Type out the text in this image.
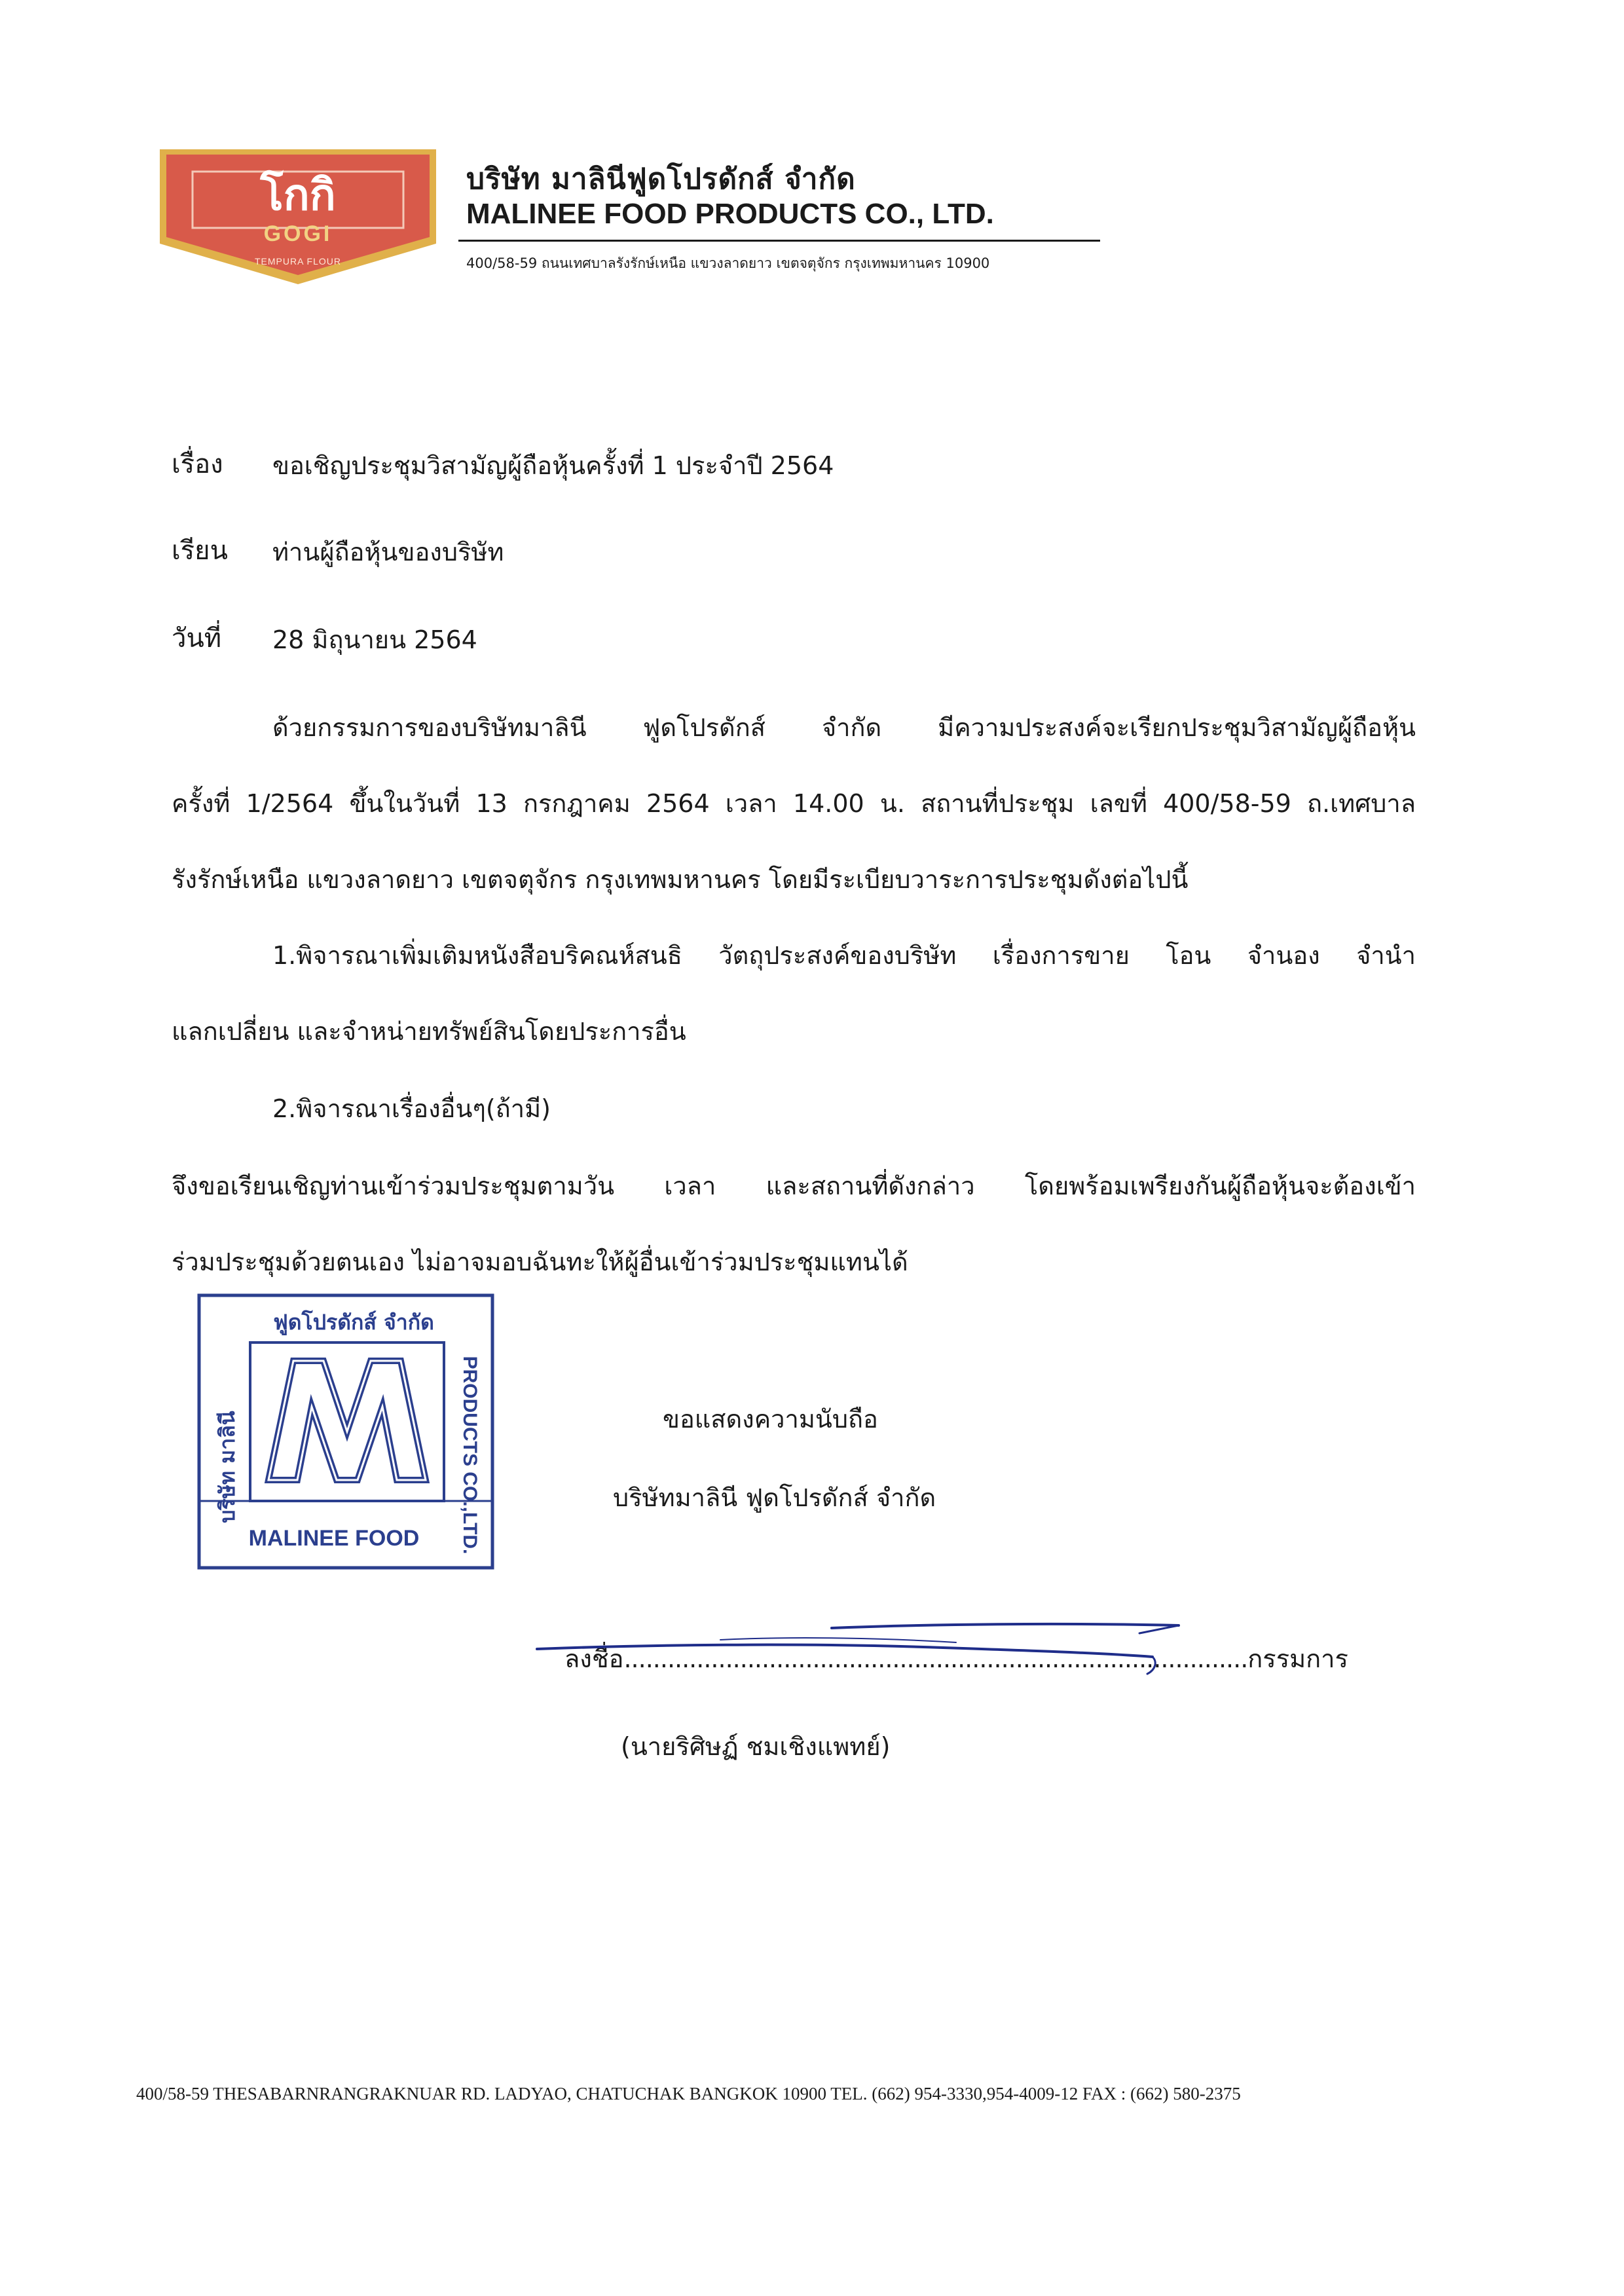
โกกิ
GOGI
TEMPURA FLOUR
บริษัท มาลินีฟูดโปรดักส์ จำกัด
MALINEE FOOD PRODUCTS CO., LTD.
400/58-59 ถนนเทศบาลรังรักษ์เหนือ แขวงลาดยาว เขตจตุจักร กรุงเทพมหานคร 10900
เรื่อง ขอเชิญประชุมวิสามัญผู้ถือหุ้นครั้งที่ 1 ประจำปี 2564
เรียน ท่านผู้ถือหุ้นของบริษัท
วันที่ 28 มิถุนายน 2564
ด้วยกรรมการของบริษัทมาลินี ฟูดโปรดักส์ จำกัด มีความประสงค์จะเรียกประชุมวิสามัญผู้ถือหุ้น
ครั้งที่ 1/2564 ขึ้นในวันที่ 13 กรกฎาคม 2564 เวลา 14.00 น. สถานที่ประชุม เลขที่ 400/58-59 ถ.เทศบาล
รังรักษ์เหนือ แขวงลาดยาว เขตจตุจักร กรุงเทพมหานคร โดยมีระเบียบวาระการประชุมดังต่อไปนี้
1.พิจารณาเพิ่มเติมหนังสือบริคณห์สนธิ วัตถุประสงค์ของบริษัท เรื่องการขาย โอน จำนอง จำนำ
แลกเปลี่ยน และจำหน่ายทรัพย์สินโดยประการอื่น
2.พิจารณาเรื่องอื่นๆ(ถ้ามี)
จึงขอเรียนเชิญท่านเข้าร่วมประชุมตามวัน เวลา และสถานที่ดังกล่าว โดยพร้อมเพรียงกันผู้ถือหุ้นจะต้องเข้า
ร่วมประชุมด้วยตนเอง ไม่อาจมอบฉันทะให้ผู้อื่นเข้าร่วมประชุมแทนได้
ฟูดโปรดักส์ จำกัด
บริษัท มาลินี	PRODUCTS CO.,LTD.
MALINEE FOOD
ขอแสดงความนับถือ
บริษัทมาลินี ฟูดโปรดักส์ จำกัด
ลงชื่อ......................................................................................กรรมการ
(นายริศิษฏ์ ชมเชิงแพทย์)
400/58-59 THESABARNRANGRAKNUAR RD. LADYAO, CHATUCHAK BANGKOK 10900 TEL. (662) 954-3330,954-4009-12 FAX : (662) 580-2375
